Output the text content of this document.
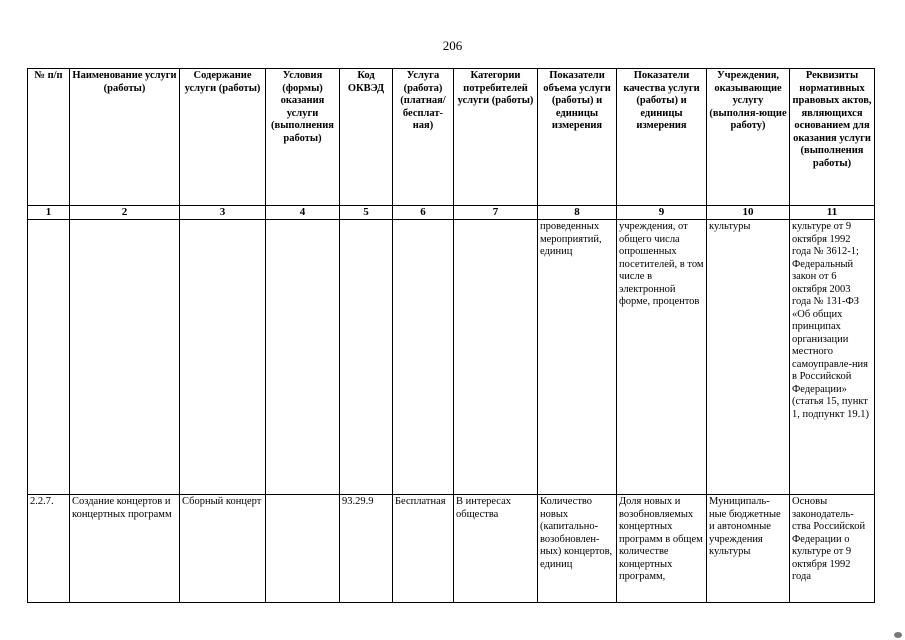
206
№ п/п	Наименование услуги (работы)	Содержание услуги (работы)	Условия (формы) оказания услуги (выполнения работы)	Код ОКВЭД	Услуга (работа) (платная/ бесплат-ная)	Категории потребителей услуги (работы)	Показатели объема услуги (работы) и единицы измерения	Показатели качества услуги (работы) и единицы измерения	Учреждения, оказывающие услугу (выполня-ющие работу)	Реквизиты нормативных правовых актов, являющихся основанием для оказания услуги (выполнения работы)
1	2	3	4	5	6	7	8	9	10	11
							проведенных мероприятий, единиц	учреждения, от общего числа опрошенных посетителей, в том числе в электронной форме, процентов	культуры	культуре от 9 октября 1992 года № 3612-1; Федеральный закон от 6 октября 2003 года № 131-ФЗ «Об общих принципах организации местного самоуправле-ния в Российской Федерации» (статья 15, пункт 1, подпункт 19.1)
2.2.7.	Создание концертов и концертных программ	Сборный концерт		93.29.9	Бесплатная	В интересах общества	Количество новых (капитально-возобновлен-ных) концертов, единиц	Доля новых и возобновляемых концертных программ в общем количестве концертных программ,	Муниципаль-ные бюджетные и автономные учреждения культуры	Основы законодатель-ства Российской Федерации о культуре от 9 октября 1992 года
